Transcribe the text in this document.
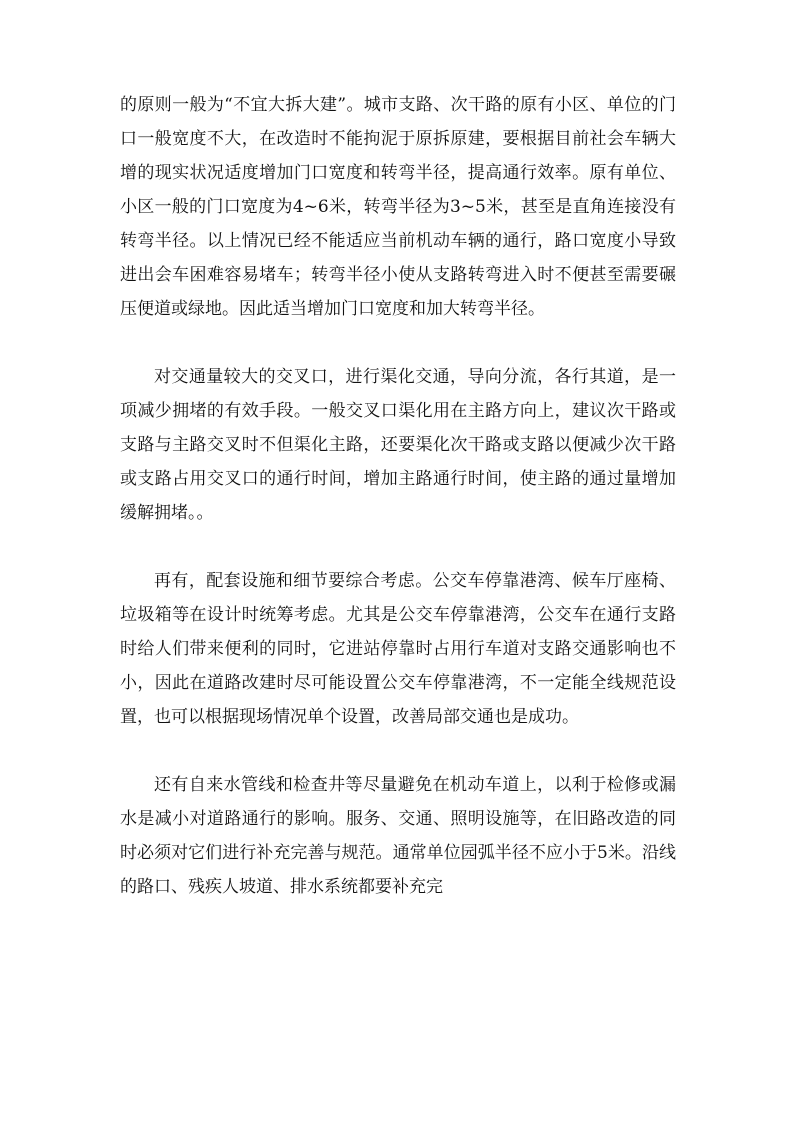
的原则一般为“不宜大拆大建”。城市支路、次干路的原有小区、单位的门口一般宽度不大，在改造时不能拘泥于原拆原建，要根据目前社会车辆大增的现实状况适度增加门口宽度和转弯半径，提高通行效率。原有单位、小区一般的门口宽度为4~6米，转弯半径为3~5米，甚至是直角连接没有转弯半径。以上情况已经不能适应当前机动车辆的通行，路口宽度小导致进出会车困难容易堵车；转弯半径小使从支路转弯进入时不便甚至需要碾压便道或绿地。因此适当增加门口宽度和加大转弯半径。

对交通量较大的交叉口，进行渠化交通，导向分流，各行其道，是一项减少拥堵的有效手段。一般交叉口渠化用在主路方向上，建议次干路或支路与主路交叉时不但渠化主路，还要渠化次干路或支路以便减少次干路或支路占用交叉口的通行时间，增加主路通行时间，使主路的通过量增加缓解拥堵。。

再有，配套设施和细节要综合考虑。公交车停靠港湾、候车厅座椅、垃圾箱等在设计时统筹考虑。尤其是公交车停靠港湾，公交车在通行支路时给人们带来便利的同时，它进站停靠时占用行车道对支路交通影响也不小，因此在道路改建时尽可能设置公交车停靠港湾，不一定能全线规范设置，也可以根据现场情况单个设置，改善局部交通也是成功。

还有自来水管线和检查井等尽量避免在机动车道上，以利于检修或漏水是减小对道路通行的影响。服务、交通、照明设施等，在旧路改造的同时必须对它们进行补充完善与规范。通常单位园弧半径不应小于5米。沿线的路口、残疾人坡道、排水系统都要补充完
